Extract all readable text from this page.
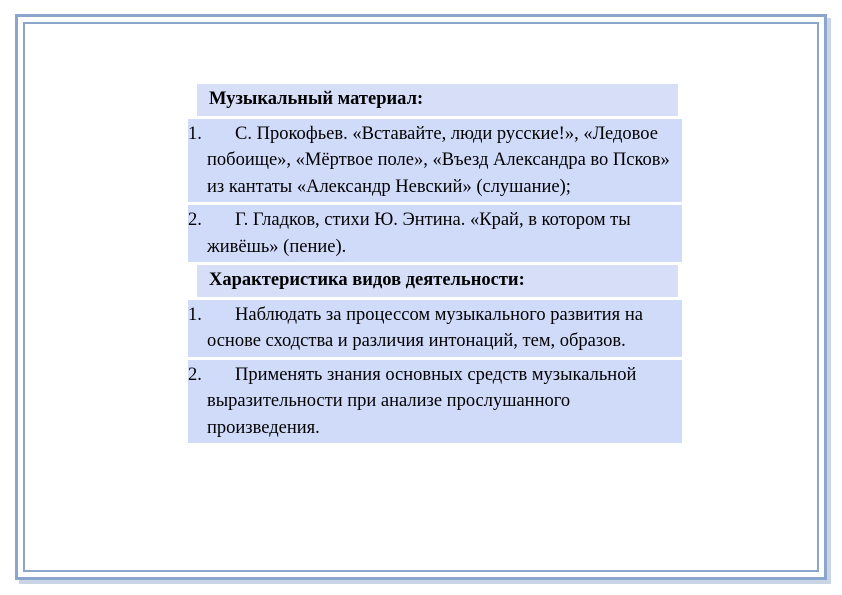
Музыкальный материал:
1. С. Прокофьев. «Вставайте, люди русские!», «Ледовое побоище», «Мёртвое поле», «Въезд Александра во Псков» из кантаты «Александр Невский» (слушание);
2. Г. Гладков, стихи Ю. Энтина. «Край, в котором ты живёшь» (пение).
Характеристика видов деятельности:
1. Наблюдать за процессом музыкального развития на основе сходства и различия интонаций, тем, образов.
2. Применять знания основных средств музыкальной выразительности при анализе прослушанного произведения.
